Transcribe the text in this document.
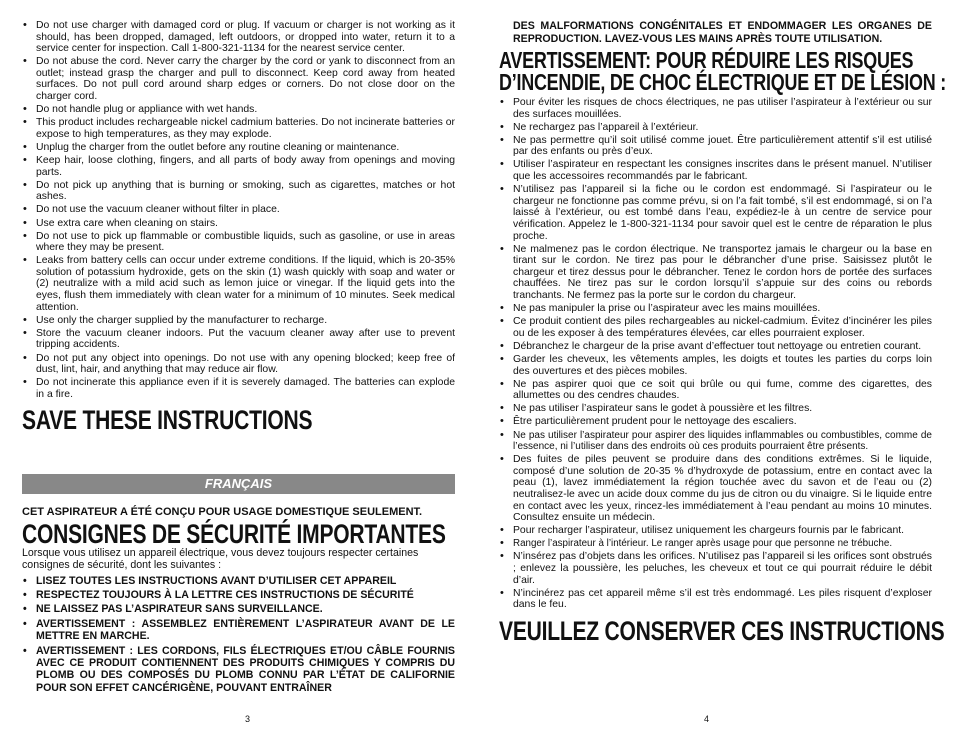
• Do not use charger with damaged cord or plug. If vacuum or charger is not working as it should, has been dropped, damaged, left outdoors, or dropped into water, return it to a service center for inspection. Call 1-800-321-1134 for the nearest service center.
• Do not abuse the cord. Never carry the charger by the cord or yank to disconnect from an outlet; instead grasp the charger and pull to disconnect. Keep cord away from heated surfaces. Do not pull cord around sharp edges or corners. Do not close door on the charger cord.
• Do not handle plug or appliance with wet hands.
• This product includes rechargeable nickel cadmium batteries. Do not incinerate batteries or expose to high temperatures, as they may explode.
• Unplug the charger from the outlet before any routine cleaning or maintenance.
• Keep hair, loose clothing, fingers, and all parts of body away from openings and moving parts.
• Do not pick up anything that is burning or smoking, such as cigarettes, matches or hot ashes.
• Do not use the vacuum cleaner without filter in place.
• Use extra care when cleaning on stairs.
• Do not use to pick up flammable or combustible liquids, such as gasoline, or use in areas where they may be present.
• Leaks from battery cells can occur under extreme conditions. If the liquid, which is 20-35% solution of potassium hydroxide, gets on the skin (1) wash quickly with soap and water or (2) neutralize with a mild acid such as lemon juice or vinegar. If the liquid gets into the eyes, flush them immediately with clean water for a minimum of 10 minutes. Seek medical attention.
• Use only the charger supplied by the manufacturer to recharge.
• Store the vacuum cleaner indoors. Put the vacuum cleaner away after use to prevent tripping accidents.
• Do not put any object into openings. Do not use with any opening blocked; keep free of dust, lint, hair, and anything that may reduce air flow.
• Do not incinerate this appliance even if it is severely damaged. The batteries can explode in a fire.
SAVE THESE INSTRUCTIONS
FRANÇAIS
CET ASPIRATEUR A ÉTÉ CONÇU POUR USAGE DOMESTIQUE SEULEMENT.
CONSIGNES DE SÉCURITÉ IMPORTANTES

Lorsque vous utilisez un appareil électrique, vous devez toujours respecter certaines consignes de sécurité, dont les suivantes :

• LISEZ TOUTES LES INSTRUCTIONS AVANT D’UTILISER CET APPAREIL
• RESPECTEZ TOUJOURS À LA LETTRE CES INSTRUCTIONS DE SÉCURITÉ
• NE LAISSEZ PAS L’ASPIRATEUR SANS SURVEILLANCE.
• AVERTISSEMENT : ASSEMBLEZ ENTIÈREMENT L’ASPIRATEUR AVANT DE LE METTRE EN MARCHE.
• AVERTISSEMENT : LES CORDONS, FILS ÉLECTRIQUES ET/OU CÂBLE FOURNIS AVEC CE PRODUIT CONTIENNENT DES PRODUITS CHIMIQUES Y COMPRIS DU PLOMB OU DES COMPOSÉS DU PLOMB CONNU PAR L’ÉTAT DE CALIFORNIE POUR SON EFFET CANCÉRIGÈNE, POUVANT ENTRAÎNER
3

DES MALFORMATIONS CONGÉNITALES ET ENDOMMAGER LES ORGANES DE REPRODUCTION. LAVEZ-VOUS LES MAINS APRÈS TOUTE UTILISATION.

AVERTISSEMENT: POUR RÉDUIRE LES RISQUES
D’INCENDIE, DE CHOC ÉLECTRIQUE ET DE LÉSION :
• Pour éviter les risques de chocs électriques, ne pas utiliser l’aspirateur à l’extérieur ou sur des surfaces mouillées.
• Ne rechargez pas l’appareil à l’extérieur.
• Ne pas permettre qu’il soit utilisé comme jouet. Être particulièrement attentif s’il est utilisé par des enfants ou près d’eux.
• Utiliser l’aspirateur en respectant les consignes inscrites dans le présent manuel. N’utiliser que les accessoires recommandés par le fabricant.
• N’utilisez pas l’appareil si la fiche ou le cordon est endommagé. Si l’aspirateur ou le chargeur ne fonctionne pas comme prévu, si on l’a fait tombé, s’il est endommagé, si on l’a laissé à l’extérieur, ou est tombé dans l’eau, expédiez-le à un centre de service pour vérification. Appelez le 1-800-321-1134 pour savoir quel est le centre de réparation le plus proche.
• Ne malmenez pas le cordon électrique. Ne transportez jamais le chargeur ou la base en tirant sur le cordon. Ne tirez pas pour le débrancher d’une prise. Saisissez plutôt le chargeur et tirez dessus pour le débrancher. Tenez le cordon hors de portée des surfaces chauffées. Ne tirez pas sur le cordon lorsqu’il s’appuie sur des coins ou rebords tranchants. Ne fermez pas la porte sur le cordon du chargeur.
• Ne pas manipuler la prise ou l’aspirateur avec les mains mouillées.
• Ce produit contient des piles rechargeables au nickel-cadmium. Évitez d’incinérer les piles ou de les exposer à des températures élevées, car elles pourraient exploser.
• Débranchez le chargeur de la prise avant d’effectuer tout nettoyage ou entretien courant.
• Garder les cheveux, les vêtements amples, les doigts et toutes les parties du corps loin des ouvertures et des pièces mobiles.
• Ne pas aspirer quoi que ce soit qui brûle ou qui fume, comme des cigarettes, des allumettes ou des cendres chaudes.
• Ne pas utiliser l’aspirateur sans le godet à poussière et les filtres.
• Être particulièrement prudent pour le nettoyage des escaliers.
• Ne pas utiliser l’aspirateur pour aspirer des liquides inflammables ou combustibles, comme de l’essence, ni l’utiliser dans des endroits où ces produits pourraient être présents.
• Des fuites de piles peuvent se produire dans des conditions extrêmes. Si le liquide, composé d’une solution de 20-35 % d’hydroxyde de potassium, entre en contact avec la peau (1), lavez immédiatement la région touchée avec du savon et de l’eau ou (2) neutralisez-le avec un acide doux comme du jus de citron ou du vinaigre. Si le liquide entre en contact avec les yeux, rincez-les immédiatement à l’eau pendant au moins 10 minutes. Consultez ensuite un médecin.
• Pour recharger l’aspirateur, utilisez uniquement les chargeurs fournis par le fabricant.
• Ranger l’aspirateur à l’intérieur. Le ranger après usage pour que personne ne trébuche.
• N’insérez pas d’objets dans les orifices. N’utilisez pas l’appareil si les orifices sont obstrués ; enlevez la poussière, les peluches, les cheveux et tout ce qui pourrait réduire le débit d’air.
• N’incinérez pas cet appareil même s’il est très endommagé. Les piles risquent d’exploser dans le feu.
VEUILLEZ CONSERVER CES INSTRUCTIONS
4
